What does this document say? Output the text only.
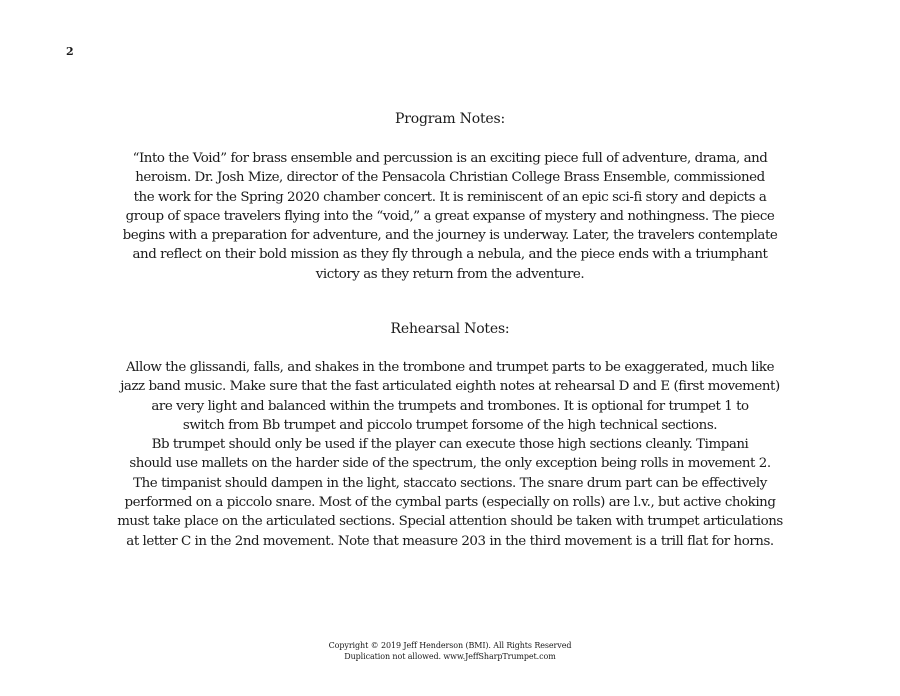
2
Program Notes:
“Into the Void” for brass ensemble and percussion is an exciting piece full of adventure, drama, and
heroism. Dr. Josh Mize, director of the Pensacola Christian College Brass Ensemble, commissioned
the work for the Spring 2020 chamber concert. It is reminiscent of an epic sci-fi story and depicts a
group of space travelers flying into the “void,” a great expanse of mystery and nothingness. The piece
begins with a preparation for adventure, and the journey is underway. Later, the travelers contemplate
and reflect on their bold mission as they fly through a nebula, and the piece ends with a triumphant
victory as they return from the adventure.
Rehearsal Notes:
Allow the glissandi, falls, and shakes in the trombone and trumpet parts to be exaggerated, much like
jazz band music. Make sure that the fast articulated eighth notes at rehearsal D and E (first movement)
are very light and balanced within the trumpets and trombones. It is optional for trumpet 1 to
switch from Bb trumpet and piccolo trumpet forsome of the high technical sections.
Bb trumpet should only be used if the player can execute those high sections cleanly. Timpani
should use mallets on the harder side of the spectrum, the only exception being rolls in movement 2.
The timpanist should dampen in the light, staccato sections. The snare drum part can be effectively
performed on a piccolo snare. Most of the cymbal parts (especially on rolls) are l.v., but active choking
must take place on the articulated sections. Special attention should be taken with trumpet articulations
at letter C in the 2nd movement. Note that measure 203 in the third movement is a trill flat for horns.
Copyright © 2019 Jeff Henderson (BMI). All Rights Reserved
Duplication not allowed. www.JeffSharpTrumpet.com
